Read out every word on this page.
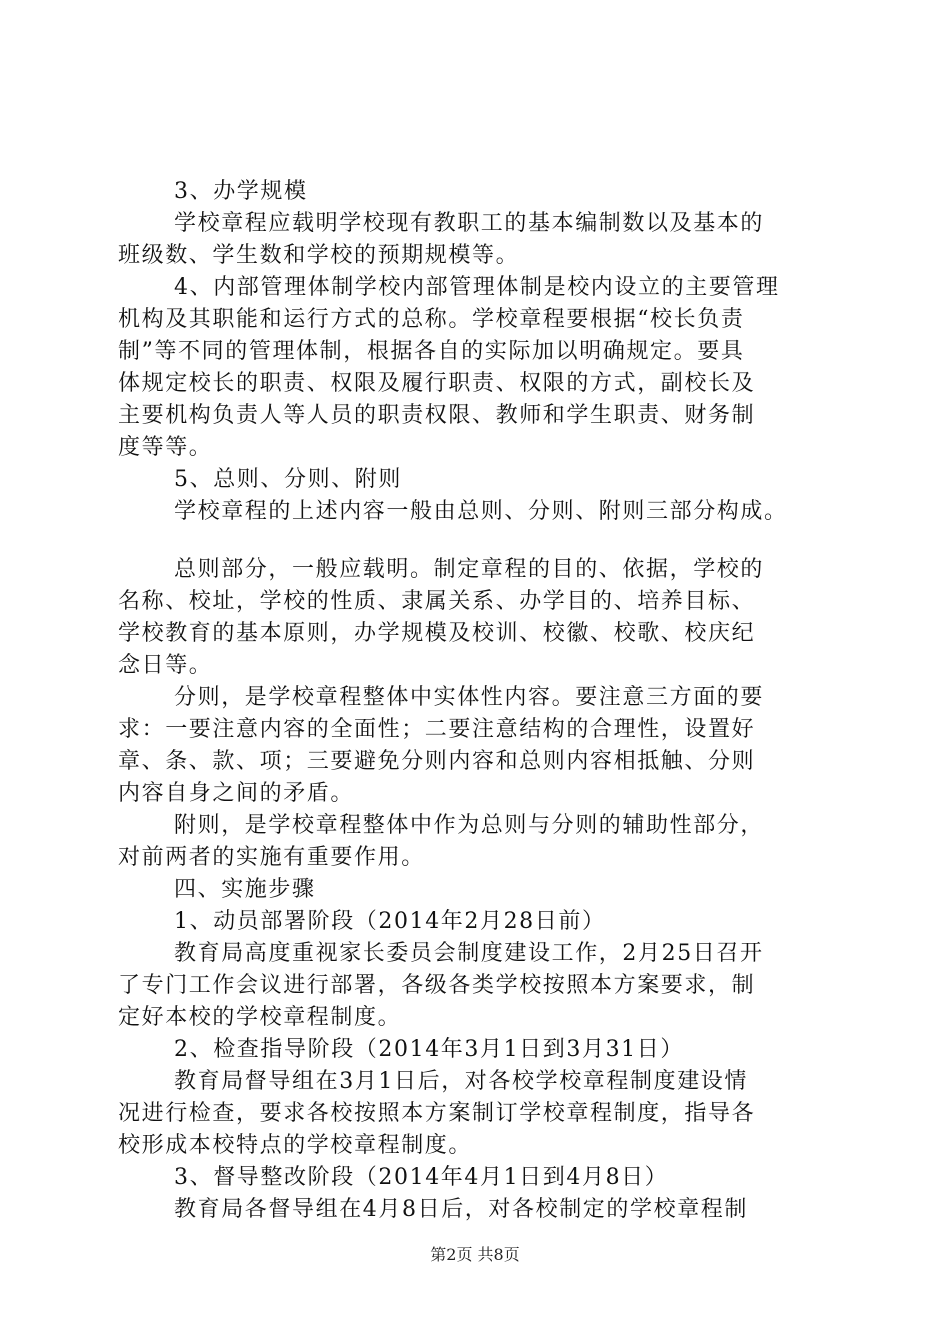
3、办学规模
学校章程应载明学校现有教职工的基本编制数以及基本的
班级数、学生数和学校的预期规模等。
4、内部管理体制学校内部管理体制是校内设立的主要管理
机构及其职能和运行方式的总称。学校章程要根据“校长负责
制”等不同的管理体制，根据各自的实际加以明确规定。要具
体规定校长的职责、权限及履行职责、权限的方式，副校长及
主要机构负责人等人员的职责权限、教师和学生职责、财务制
度等等。
5、总则、分则、附则
学校章程的上述内容一般由总则、分则、附则三部分构成。
总则部分，一般应载明。制定章程的目的、依据，学校的
名称、校址，学校的性质、隶属关系、办学目的、培养目标、
学校教育的基本原则，办学规模及校训、校徽、校歌、校庆纪
念日等。
分则，是学校章程整体中实体性内容。要注意三方面的要
求：一要注意内容的全面性；二要注意结构的合理性，设置好
章、条、款、项；三要避免分则内容和总则内容相抵触、分则
内容自身之间的矛盾。
附则，是学校章程整体中作为总则与分则的辅助性部分，
对前两者的实施有重要作用。
四、实施步骤
1、动员部署阶段（2014年2月28日前）
教育局高度重视家长委员会制度建设工作，2月25日召开
了专门工作会议进行部署，各级各类学校按照本方案要求，制
定好本校的学校章程制度。
2、检查指导阶段（2014年3月1日到3月31日）
教育局督导组在3月1日后，对各校学校章程制度建设情
况进行检查，要求各校按照本方案制订学校章程制度，指导各
校形成本校特点的学校章程制度。
3、督导整改阶段（2014年4月1日到4月8日）
教育局各督导组在4月8日后，对各校制定的学校章程制
第2页 共8页
